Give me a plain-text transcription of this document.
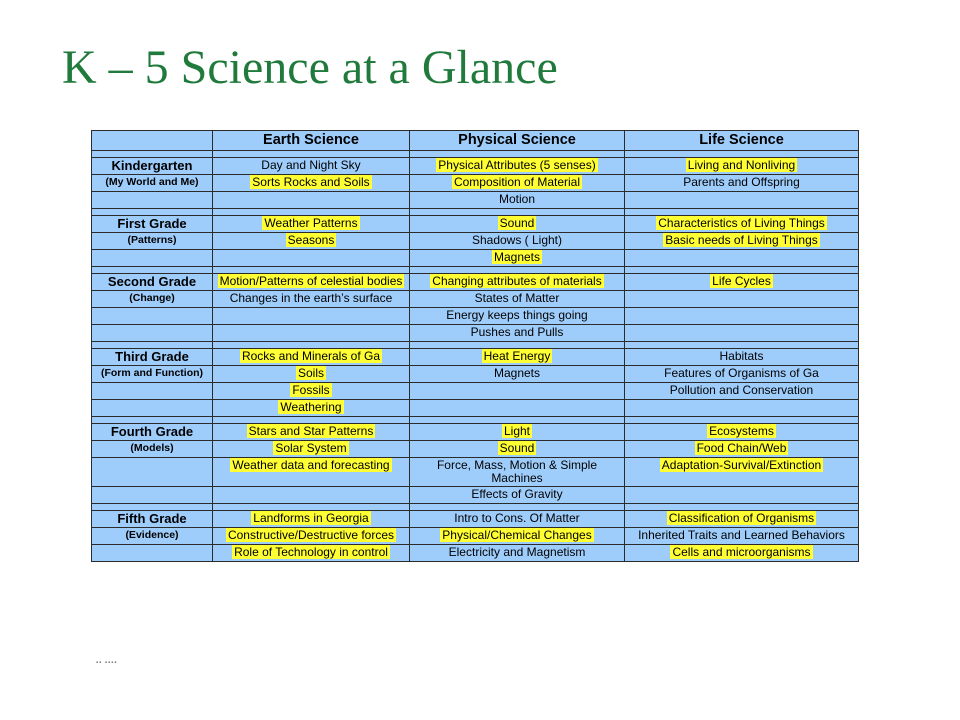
K – 5 Science at a Glance
	Earth Science	Physical Science	Life Science

Kindergarten	Day and Night Sky	Physical Attributes (5 senses)	Living and Nonliving
(My World and Me)	Sorts Rocks and Soils	Composition of Material	Parents and Offspring
		Motion	

First Grade	Weather Patterns	Sound	Characteristics of Living Things
(Patterns)	Seasons	Shadows ( Light)	Basic needs of Living Things
		Magnets	

Second Grade	Motion/Patterns of celestial bodies	Changing attributes of materials	Life Cycles
(Change)	Changes in the earth’s surface	States of Matter	
		Energy keeps things going	
		Pushes and Pulls	

Third Grade	Rocks and Minerals of Ga	Heat Energy	Habitats
(Form and Function)	Soils	Magnets	Features of Organisms of Ga
	Fossils		Pollution and Conservation
	Weathering		

Fourth Grade	Stars and Star Patterns	Light	Ecosystems
(Models)	Solar System	Sound	Food Chain/Web
	Weather data and forecasting	Force, Mass, Motion & Simple Machines	Adaptation-Survival/Extinction
		Effects of Gravity	

Fifth Grade	Landforms in Georgia	Intro to Cons. Of Matter	Classification of Organisms
(Evidence)	Constructive/Destructive forces	Physical/Chemical Changes	Inherited Traits and Learned Behaviors
	Role of Technology in control	Electricity and Magnetism	Cells and microorganisms
▪▪ ▪▪▪▪
